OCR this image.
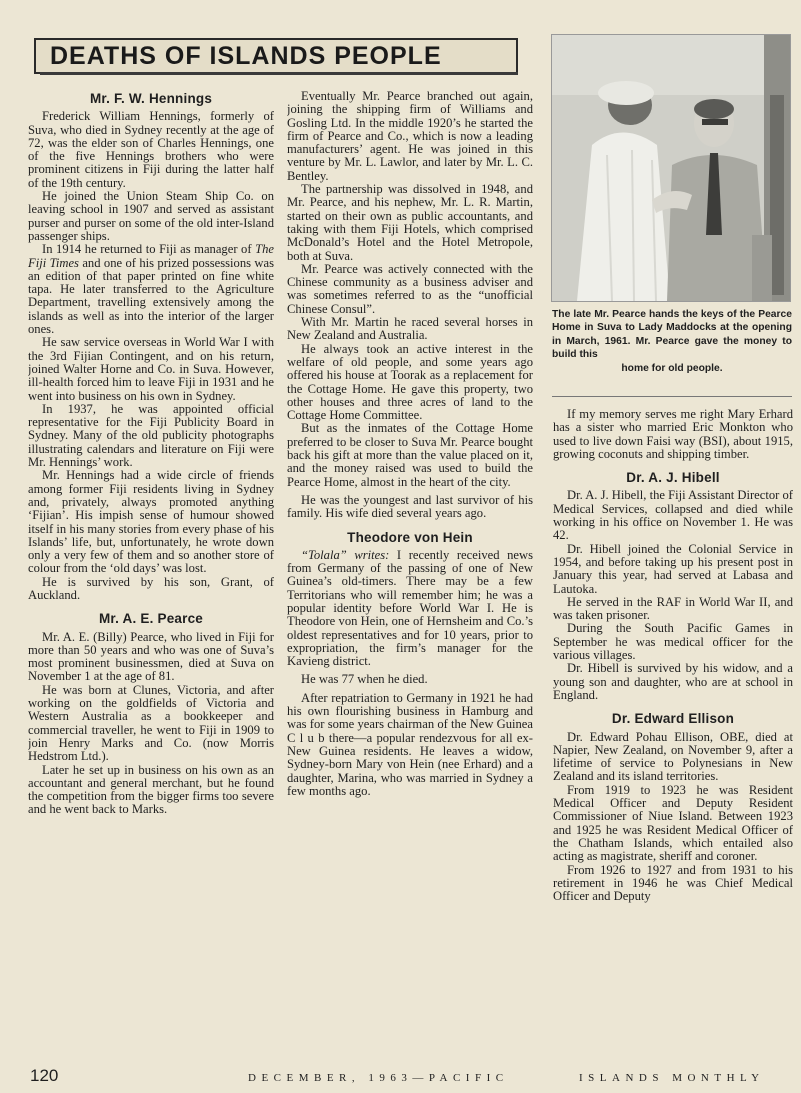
DEATHS OF ISLANDS PEOPLE
Mr. F. W. Hennings

Frederick William Hennings, formerly of Suva, who died in Sydney recently at the age of 72, was the elder son of Charles Hennings, one of the five Hennings brothers who were prominent citizens in Fiji during the latter half of the 19th century.

He joined the Union Steam Ship Co. on leaving school in 1907 and served as assistant purser and purser on some of the old inter-Island passenger ships.

In 1914 he returned to Fiji as manager of The Fiji Times and one of his prized possessions was an edition of that paper printed on fine white tapa. He later transferred to the Agriculture Department, travelling extensively among the islands as well as into the interior of the larger ones.

He saw service overseas in World War I with the 3rd Fijian Contingent, and on his return, joined Walter Horne and Co. in Suva. However, ill-health forced him to leave Fiji in 1931 and he went into business on his own in Sydney.

In 1937, he was appointed official representative for the Fiji Publicity Board in Sydney. Many of the old publicity photographs illustrating calendars and literature on Fiji were Mr. Hennings’ work.

Mr. Hennings had a wide circle of friends among former Fiji residents living in Sydney and, privately, always promoted anything ‘Fijian’. His impish sense of humour showed itself in his many stories from every phase of his Islands’ life, but, unfortunately, he wrote down only a very few of them and so another store of colour from the ‘old days’ was lost.

He is survived by his son, Grant, of Auckland.

Mr. A. E. Pearce

Mr. A. E. (Billy) Pearce, who lived in Fiji for more than 50 years and who was one of Suva’s most prominent businessmen, died at Suva on November 1 at the age of 81.

He was born at Clunes, Victoria, and after working on the goldfields of Victoria and Western Australia as a bookkeeper and commercial traveller, he went to Fiji in 1909 to join Henry Marks and Co. (now Morris Hedstrom Ltd.).

Later he set up in business on his own as an accountant and general merchant, but he found the competition from the bigger firms too severe and he went back to Marks.

Eventually Mr. Pearce branched out again, joining the shipping firm of Williams and Gosling Ltd. In the middle 1920’s he started the firm of Pearce and Co., which is now a leading manufacturers’ agent. He was joined in this venture by Mr. L. Lawlor, and later by Mr. L. C. Bentley.

The partnership was dissolved in 1948, and Mr. Pearce, and his nephew, Mr. L. R. Martin, started on their own as public accountants, and taking with them Fiji Hotels, which comprised McDonald’s Hotel and the Hotel Metropole, both at Suva.

Mr. Pearce was actively connected with the Chinese community as a business adviser and was sometimes referred to as the “unofficial Chinese Consul”.

With Mr. Martin he raced several horses in New Zealand and Australia.

He always took an active interest in the welfare of old people, and some years ago offered his house at Toorak as a replacement for the Cottage Home. He gave this property, two other houses and three acres of land to the Cottage Home Committee.

But as the inmates of the Cottage Home preferred to be closer to Suva Mr. Pearce bought back his gift at more than the value placed on it, and the money raised was used to build the Pearce Home, almost in the heart of the city.

He was the youngest and last survivor of his family. His wife died several years ago.

Theodore von Hein

“Tolala” writes: I recently received news from Germany of the passing of one of New Guinea’s old-timers. There may be a few Territorians who will remember him; he was a popular identity before World War I. He is Theodore von Hein, one of Hernsheim and Co.’s oldest representatives and for 10 years, prior to expropriation, the firm’s manager for the Kavieng district.

He was 77 when he died.

After repatriation to Germany in 1921 he had his own flourishing business in Hamburg and was for some years chairman of the New Guinea C l u b there—a popular rendezvous for all ex-New Guinea residents. He leaves a widow, Sydney-born Mary von Hein (nee Erhard) and a daughter, Marina, who was married in Sydney a few months ago.

The late Mr. Pearce hands the keys of the Pearce Home in Suva to Lady Maddocks at the opening in March, 1961. Mr. Pearce gave the money to build this
home for old people.

If my memory serves me right Mary Erhard has a sister who married Eric Monkton who used to live down Faisi way (BSI), about 1915, growing coconuts and shipping timber.

Dr. A. J. Hibell

Dr. A. J. Hibell, the Fiji Assistant Director of Medical Services, collapsed and died while working in his office on November 1. He was 42.

Dr. Hibell joined the Colonial Service in 1954, and before taking up his present post in January this year, had served at Labasa and Lautoka.

He served in the RAF in World War II, and was taken prisoner.

During the South Pacific Games in September he was medical officer for the various villages.

Dr. Hibell is survived by his widow, and a young son and daughter, who are at school in England.

Dr. Edward Ellison

Dr. Edward Pohau Ellison, OBE, died at Napier, New Zealand, on November 9, after a lifetime of service to Polynesians in New Zealand and its island territories.

From 1919 to 1923 he was Resident Medical Officer and Deputy Resident Commissioner of Niue Island. Between 1923 and 1925 he was Resident Medical Officer of the Chatham Islands, which entailed also acting as magistrate, sheriff and coroner.

From 1926 to 1927 and from 1931 to his retirement in 1946 he was Chief Medical Officer and Deputy

120	DECEMBER, 1963—PACIFIC	ISLANDS MONTHLY
